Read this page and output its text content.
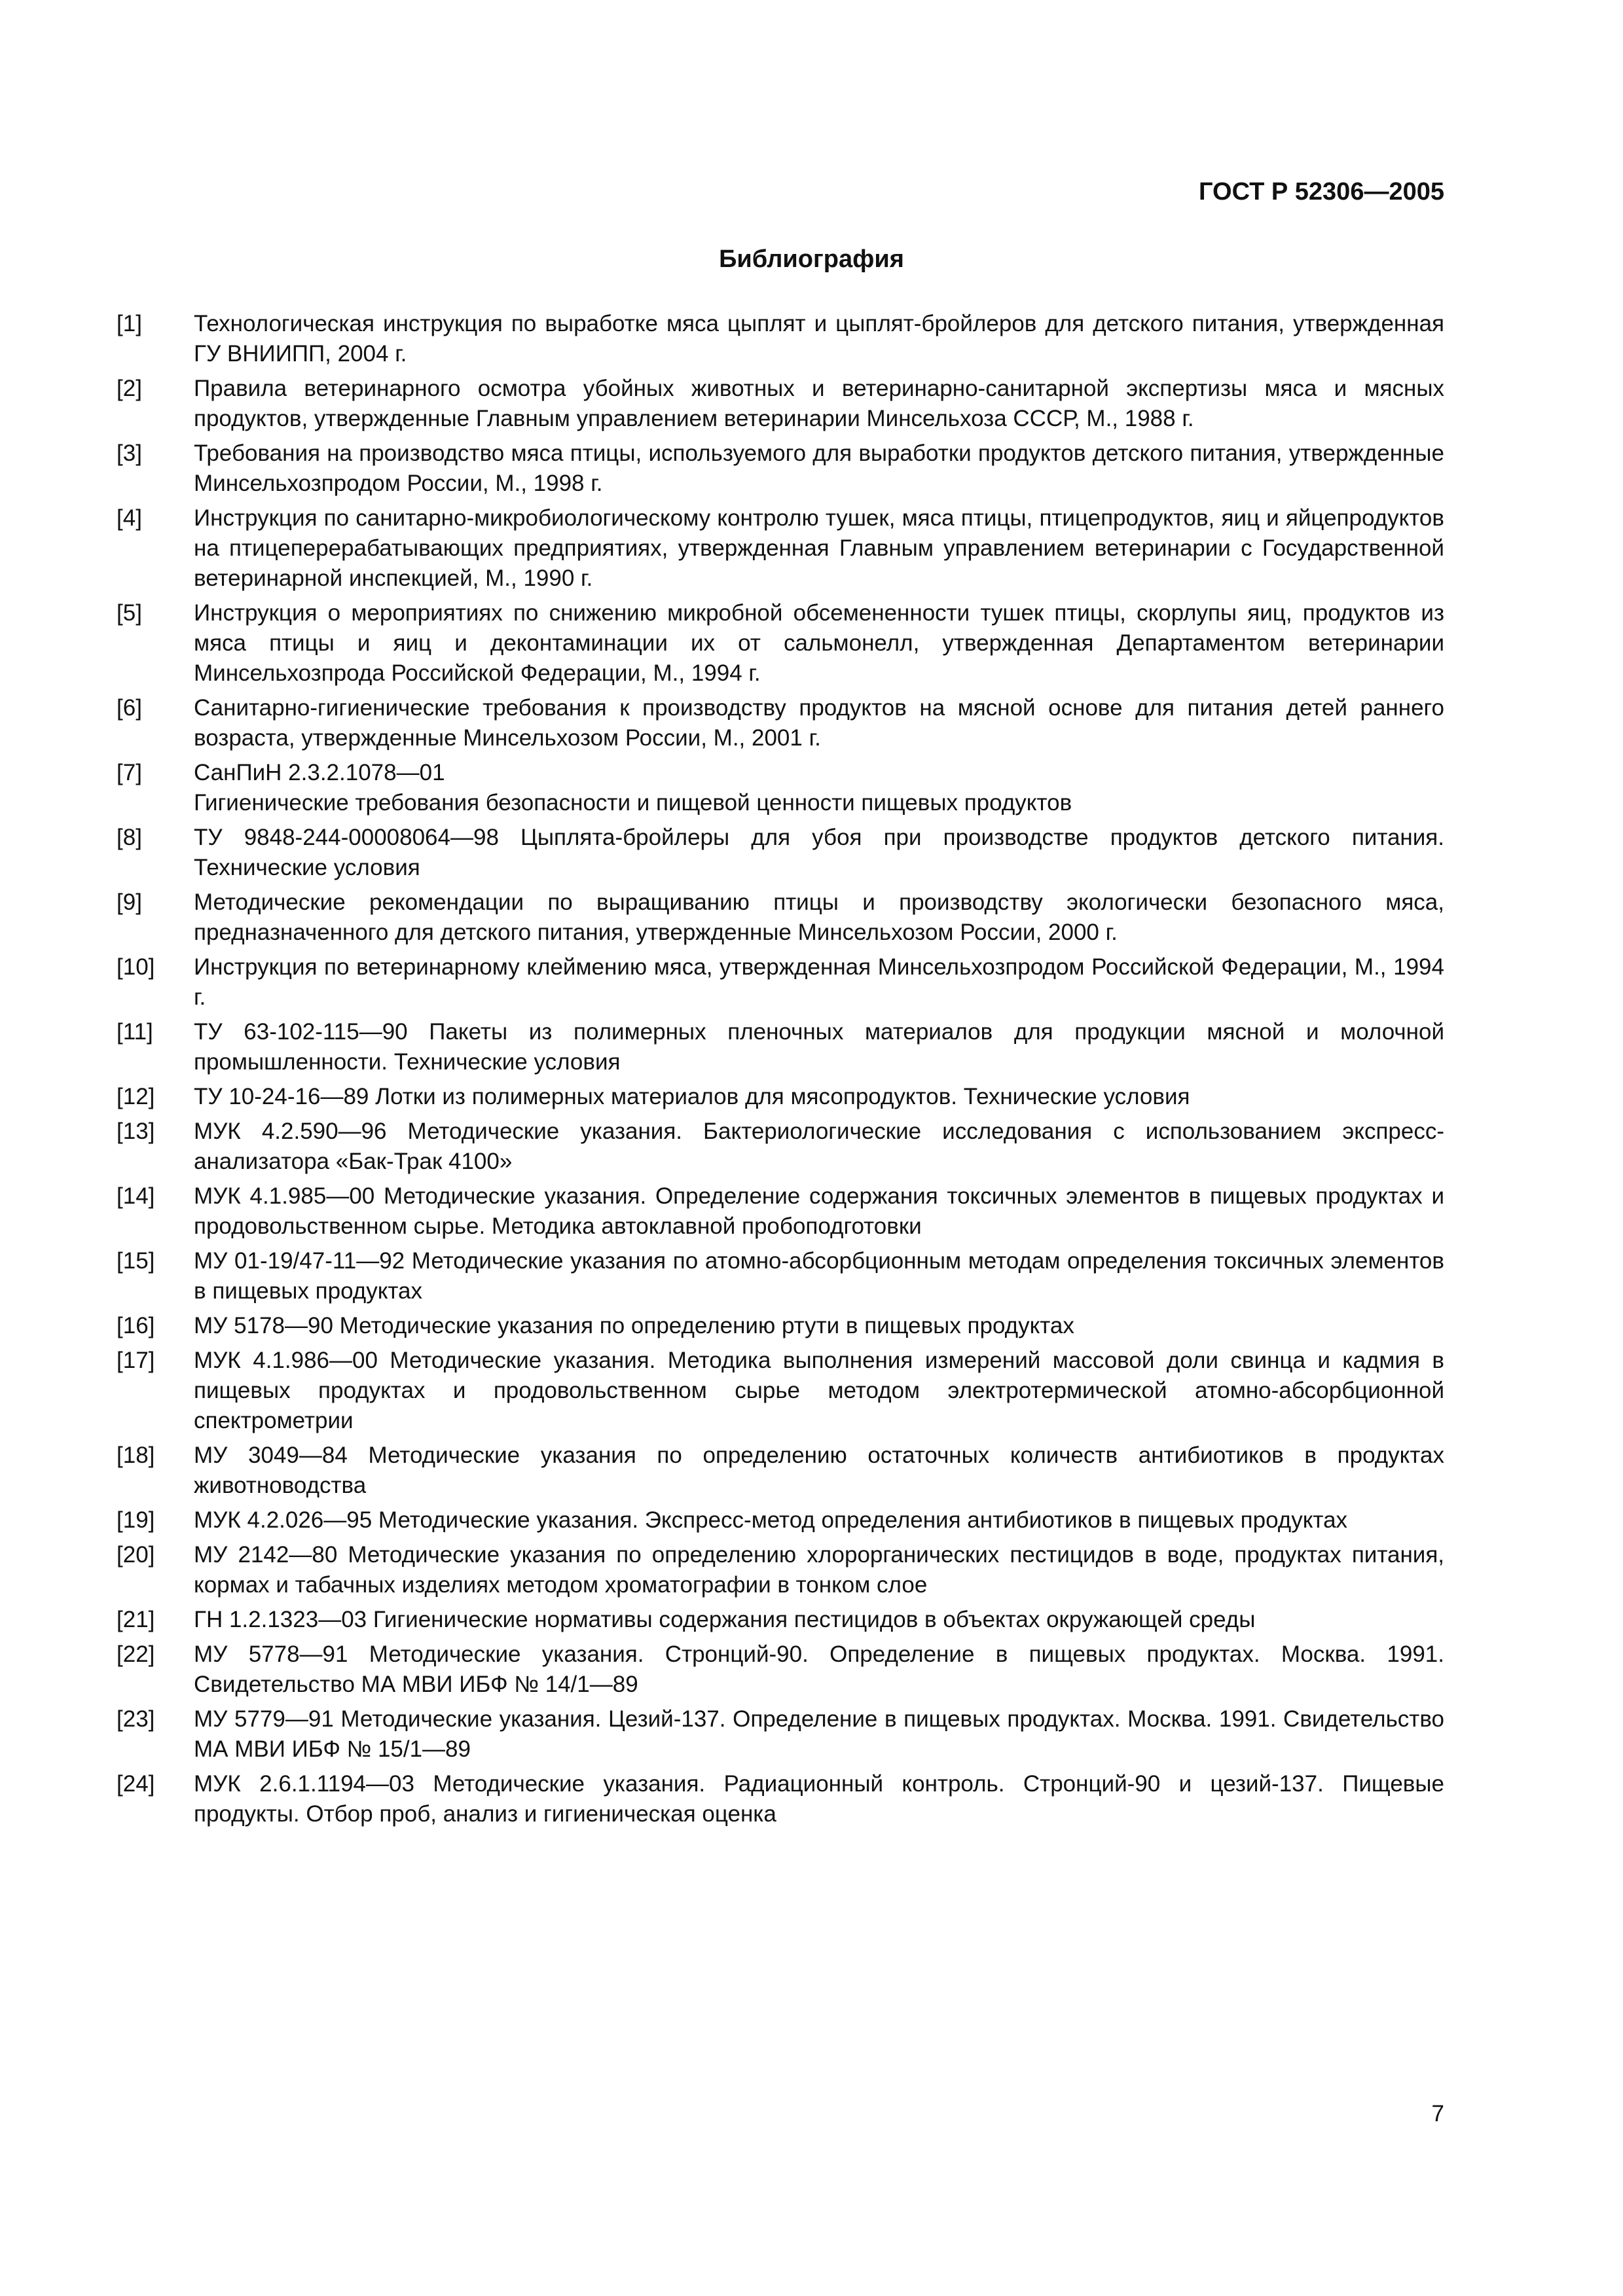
ГОСТ Р 52306—2005
Библиография
[1]	Технологическая инструкция по выработке мяса цыплят и цыплят-бройлеров для детского питания, утвержденная ГУ ВНИИПП, 2004 г.
[2]	Правила ветеринарного осмотра убойных животных и ветеринарно-санитарной экспертизы мяса и мясных продуктов, утвержденные Главным управлением ветеринарии Минсельхоза СССР, М., 1988 г.
[3]	Требования на производство мяса птицы, используемого для выработки продуктов детского питания, утвержденные Минсельхозпродом России, М., 1998 г.
[4]	Инструкция по санитарно-микробиологическому контролю тушек, мяса птицы, птицепродуктов, яиц и яйцепродуктов на птицеперерабатывающих предприятиях, утвержденная Главным управлением ветеринарии с Государственной ветеринарной инспекцией, М., 1990 г.
[5]	Инструкция о мероприятиях по снижению микробной обсемененности тушек птицы, скорлупы яиц, продуктов из мяса птицы и яиц и деконтаминации их от сальмонелл, утвержденная Департаментом ветеринарии Минсельхозпрода Российской Федерации, М., 1994 г.
[6]	Санитарно-гигиенические требования к производству продуктов на мясной основе для питания детей раннего возраста, утвержденные Минсельхозом России, М., 2001 г.
[7]	СанПиН 2.3.2.1078—01
Гигиенические требования безопасности и пищевой ценности пищевых продуктов
[8]	ТУ 9848-244-00008064—98 Цыплята-бройлеры для убоя при производстве продуктов детского питания. Технические условия
[9]	Методические рекомендации по выращиванию птицы и производству экологически безопасного мяса, предназначенного для детского питания, утвержденные Минсельхозом России, 2000 г.
[10]	Инструкция по ветеринарному клеймению мяса, утвержденная Минсельхозпродом Российской Федерации, М., 1994 г.
[11]	ТУ 63-102-115—90 Пакеты из полимерных пленочных материалов для продукции мясной и молочной промышленности. Технические условия
[12]	ТУ 10-24-16—89 Лотки из полимерных материалов для мясопродуктов. Технические условия
[13]	МУК 4.2.590—96 Методические указания. Бактериологические исследования с использованием экспресс-анализатора «Бак-Трак 4100»
[14]	МУК 4.1.985—00 Методические указания. Определение содержания токсичных элементов в пищевых продуктах и продовольственном сырье. Методика автоклавной пробоподготовки
[15]	МУ 01-19/47-11—92 Методические указания по атомно-абсорбционным методам определения токсичных элементов в пищевых продуктах
[16]	МУ 5178—90 Методические указания по определению ртути в пищевых продуктах
[17]	МУК 4.1.986—00 Методические указания. Методика выполнения измерений массовой доли свинца и кадмия в пищевых продуктах и продовольственном сырье методом электротермической атомно-абсорбционной спектрометрии
[18]	МУ 3049—84 Методические указания по определению остаточных количеств антибиотиков в продуктах животноводства
[19]	МУК 4.2.026—95 Методические указания. Экспресс-метод определения антибиотиков в пищевых продуктах
[20]	МУ 2142—80 Методические указания по определению хлорорганических пестицидов в воде, продуктах питания, кормах и табачных изделиях методом хроматографии в тонком слое
[21]	ГН 1.2.1323—03 Гигиенические нормативы содержания пестицидов в объектах окружающей среды
[22]	МУ 5778—91 Методические указания. Стронций-90. Определение в пищевых продуктах. Москва. 1991. Свидетельство МА МВИ ИБФ № 14/1—89
[23]	МУ 5779—91 Методические указания. Цезий-137. Определение в пищевых продуктах. Москва. 1991. Свидетельство МА МВИ ИБФ № 15/1—89
[24]	МУК 2.6.1.1194—03 Методические указания. Радиационный контроль. Стронций-90 и цезий-137. Пищевые продукты. Отбор проб, анализ и гигиеническая оценка
7
